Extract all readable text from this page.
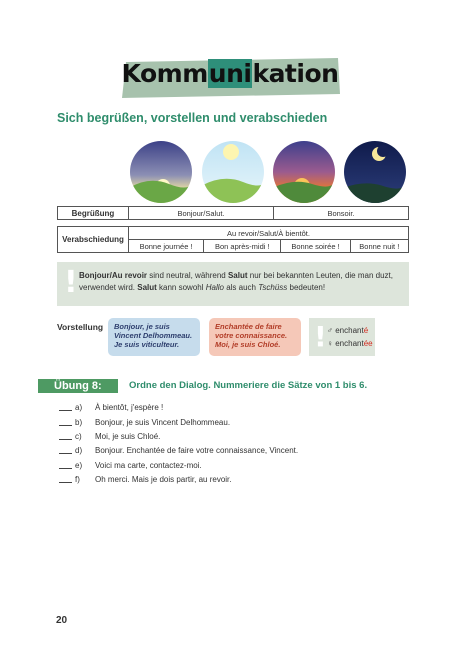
Kommunikation
Sich begrüßen, vorstellen und verabschieden
Begrüßung	Bonjour/Salut.	Bonsoir.
Verabschiedung	Au revoir/Salut/À bientôt.			
	Bonne journée !	Bon après-midi !	Bonne soirée !	Bonne nuit !
! Bonjour/Au revoir sind neutral, während Salut nur bei bekannten Leuten, die man duzt, verwendet wird. Salut kann sowohl Hallo als auch Tschüss bedeuten!
Vorstellung Bonjour, je suis
Vincent Delhommeau.
Je suis viticulteur.
Enchantée de faire
votre connaissance.
Moi, je suis Chloé.	! ♂ enchanté
♀ enchantée
Übung 8:	Ordne den Dialog. Nummeriere die Sätze von 1 bis 6.
a) À bientôt, j'espère !
b) Bonjour, je suis Vincent Delhommeau.
c) Moi, je suis Chloé.
d) Bonjour. Enchantée de faire votre connaissance, Vincent.
e) Voici ma carte, contactez-moi.
f) Oh merci. Mais je dois partir, au revoir.
20
